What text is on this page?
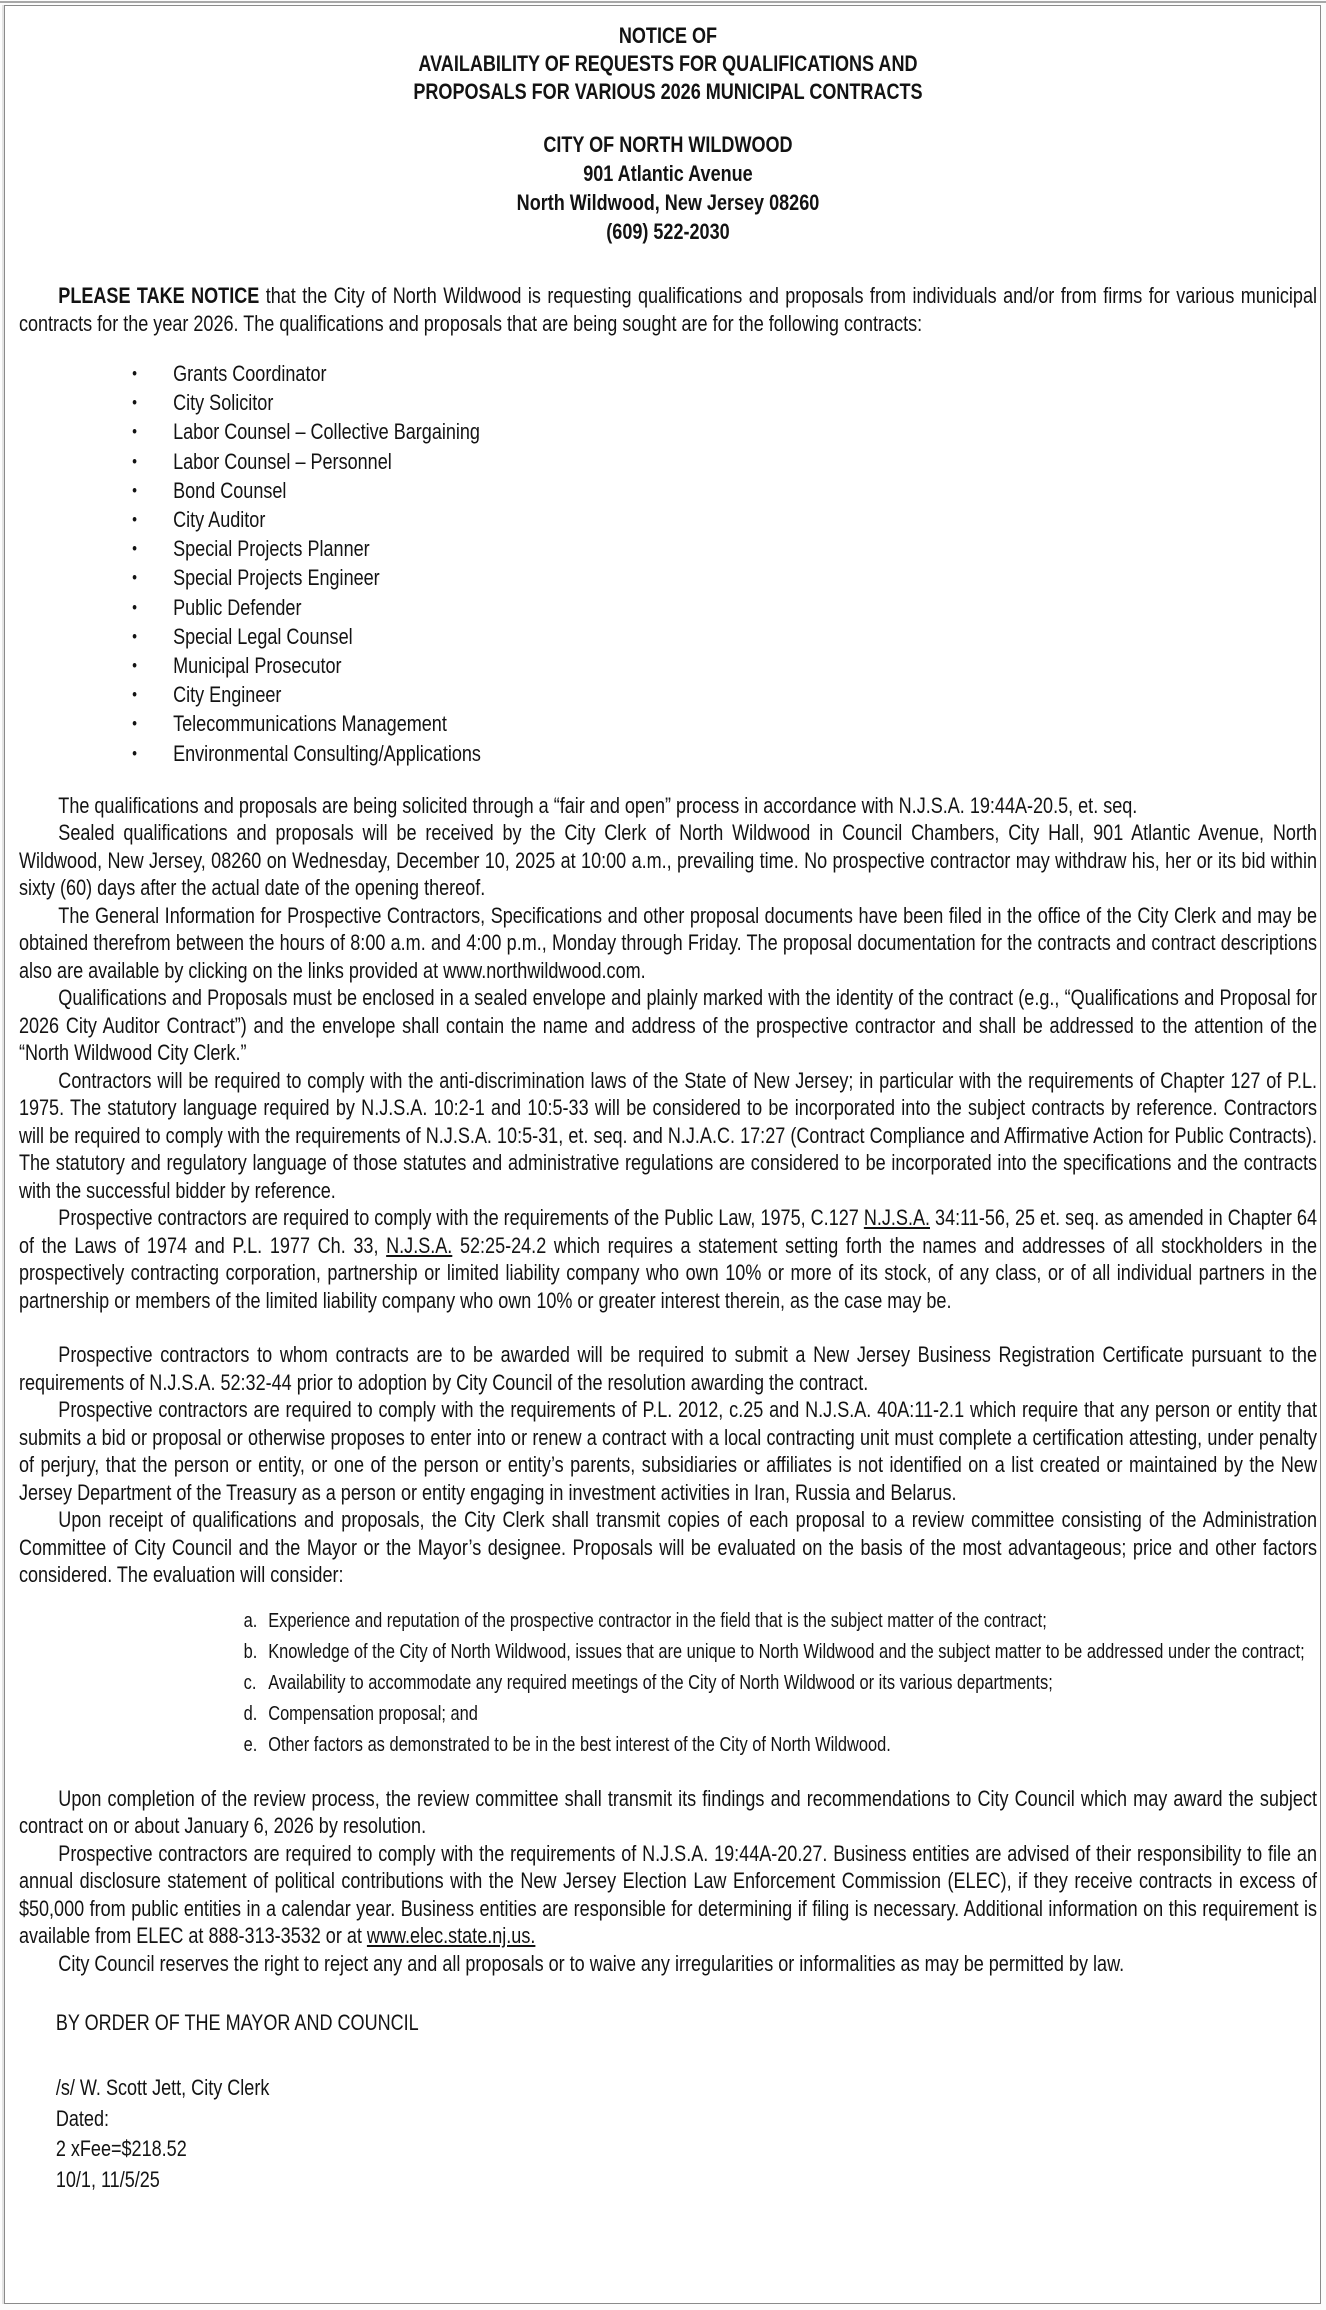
NOTICE OF
AVAILABILITY OF REQUESTS FOR QUALIFICATIONS AND
PROPOSALS FOR VARIOUS 2026 MUNICIPAL CONTRACTS
CITY OF NORTH WILDWOOD
901 Atlantic Avenue
North Wildwood, New Jersey 08260
(609) 522-2030

PLEASE TAKE NOTICE that the City of North Wildwood is requesting qualifications and proposals from individuals and/or from firms for various municipal contracts for the year 2026. The qualifications and proposals that are being sought are for the following contracts:

•	Grants Coordinator
•	City Solicitor
•	Labor Counsel – Collective Bargaining
•	Labor Counsel – Personnel
•	Bond Counsel
•	City Auditor
•	Special Projects Planner
•	Special Projects Engineer
•	Public Defender
•	Special Legal Counsel
•	Municipal Prosecutor
•	City Engineer
•	Telecommunications Management
•	Environmental Consulting/Applications

The qualifications and proposals are being solicited through a “fair and open” process in accordance with N.J.S.A. 19:44A-20.5, et. seq.

Sealed qualifications and proposals will be received by the City Clerk of North Wildwood in Council Chambers, City Hall, 901 Atlantic Avenue, North Wildwood, New Jersey, 08260 on Wednesday, December 10, 2025 at 10:00 a.m., prevailing time. No prospective contractor may withdraw his, her or its bid within sixty (60) days after the actual date of the opening thereof.

The General Information for Prospective Contractors, Specifications and other proposal documents have been filed in the office of the City Clerk and may be obtained therefrom between the hours of 8:00 a.m. and 4:00 p.m., Monday through Friday. The proposal documentation for the contracts and contract descriptions also are available by clicking on the links provided at www.northwildwood.com.

Qualifications and Proposals must be enclosed in a sealed envelope and plainly marked with the identity of the contract (e.g., “Qualifications and Proposal for 2026 City Auditor Contract”) and the envelope shall contain the name and address of the prospective contractor and shall be addressed to the attention of the “North Wildwood City Clerk.”

Contractors will be required to comply with the anti-discrimination laws of the State of New Jersey; in particular with the requirements of Chapter 127 of P.L. 1975. The statutory language required by N.J.S.A. 10:2-1 and 10:5-33 will be considered to be incorporated into the subject contracts by reference. Contractors will be required to comply with the requirements of N.J.S.A. 10:5-31, et. seq. and N.J.A.C. 17:27 (Contract Compliance and Affirmative Action for Public Contracts). The statutory and regulatory language of those statutes and administrative regulations are considered to be incorporated into the specifications and the contracts with the successful bidder by reference.

Prospective contractors are required to comply with the requirements of the Public Law, 1975, C.127 N.J.S.A. 34:11-56, 25 et. seq. as amended in Chapter 64 of the Laws of 1974 and P.L. 1977 Ch. 33, N.J.S.A. 52:25-24.2 which requires a statement setting forth the names and addresses of all stockholders in the prospectively contracting corporation, partnership or limited liability company who own 10% or more of its stock, of any class, or of all individual partners in the partnership or members of the limited liability company who own 10% or greater interest therein, as the case may be.

Prospective contractors to whom contracts are to be awarded will be required to submit a New Jersey Business Registration Certificate pursuant to the requirements of N.J.S.A. 52:32-44 prior to adoption by City Council of the resolution awarding the contract.

Prospective contractors are required to comply with the requirements of P.L. 2012, c.25 and N.J.S.A. 40A:11-2.1 which require that any person or entity that submits a bid or proposal or otherwise proposes to enter into or renew a contract with a local contracting unit must complete a certification attesting, under penalty of perjury, that the person or entity, or one of the person or entity’s parents, subsidiaries or affiliates is not identified on a list created or maintained by the New Jersey Department of the Treasury as a person or entity engaging in investment activities in Iran, Russia and Belarus.

Upon receipt of qualifications and proposals, the City Clerk shall transmit copies of each proposal to a review committee consisting of the Administration Committee of City Council and the Mayor or the Mayor’s designee. Proposals will be evaluated on the basis of the most advantageous; price and other factors considered. The evaluation will consider:

a. Experience and reputation of the prospective contractor in the field that is the subject matter of the contract;
b. Knowledge of the City of North Wildwood, issues that are unique to North Wildwood and the subject matter to be addressed under the contract;
c. Availability to accommodate any required meetings of the City of North Wildwood or its various departments;
d. Compensation proposal; and
e. Other factors as demonstrated to be in the best interest of the City of North Wildwood.

Upon completion of the review process, the review committee shall transmit its findings and recommendations to City Council which may award the subject contract on or about January 6, 2026 by resolution.

Prospective contractors are required to comply with the requirements of N.J.S.A. 19:44A-20.27. Business entities are advised of their responsibility to file an annual disclosure statement of political contributions with the New Jersey Election Law Enforcement Commission (ELEC), if they receive contracts in excess of $50,000 from public entities in a calendar year. Business entities are responsible for determining if filing is necessary. Additional information on this requirement is available from ELEC at 888-313-3532 or at www.elec.state.nj.us.

City Council reserves the right to reject any and all proposals or to waive any irregularities or informalities as may be permitted by law.

BY ORDER OF THE MAYOR AND COUNCIL
/s/ W. Scott Jett, City Clerk
Dated:
2 xFee=$218.52
10/1, 11/5/25
